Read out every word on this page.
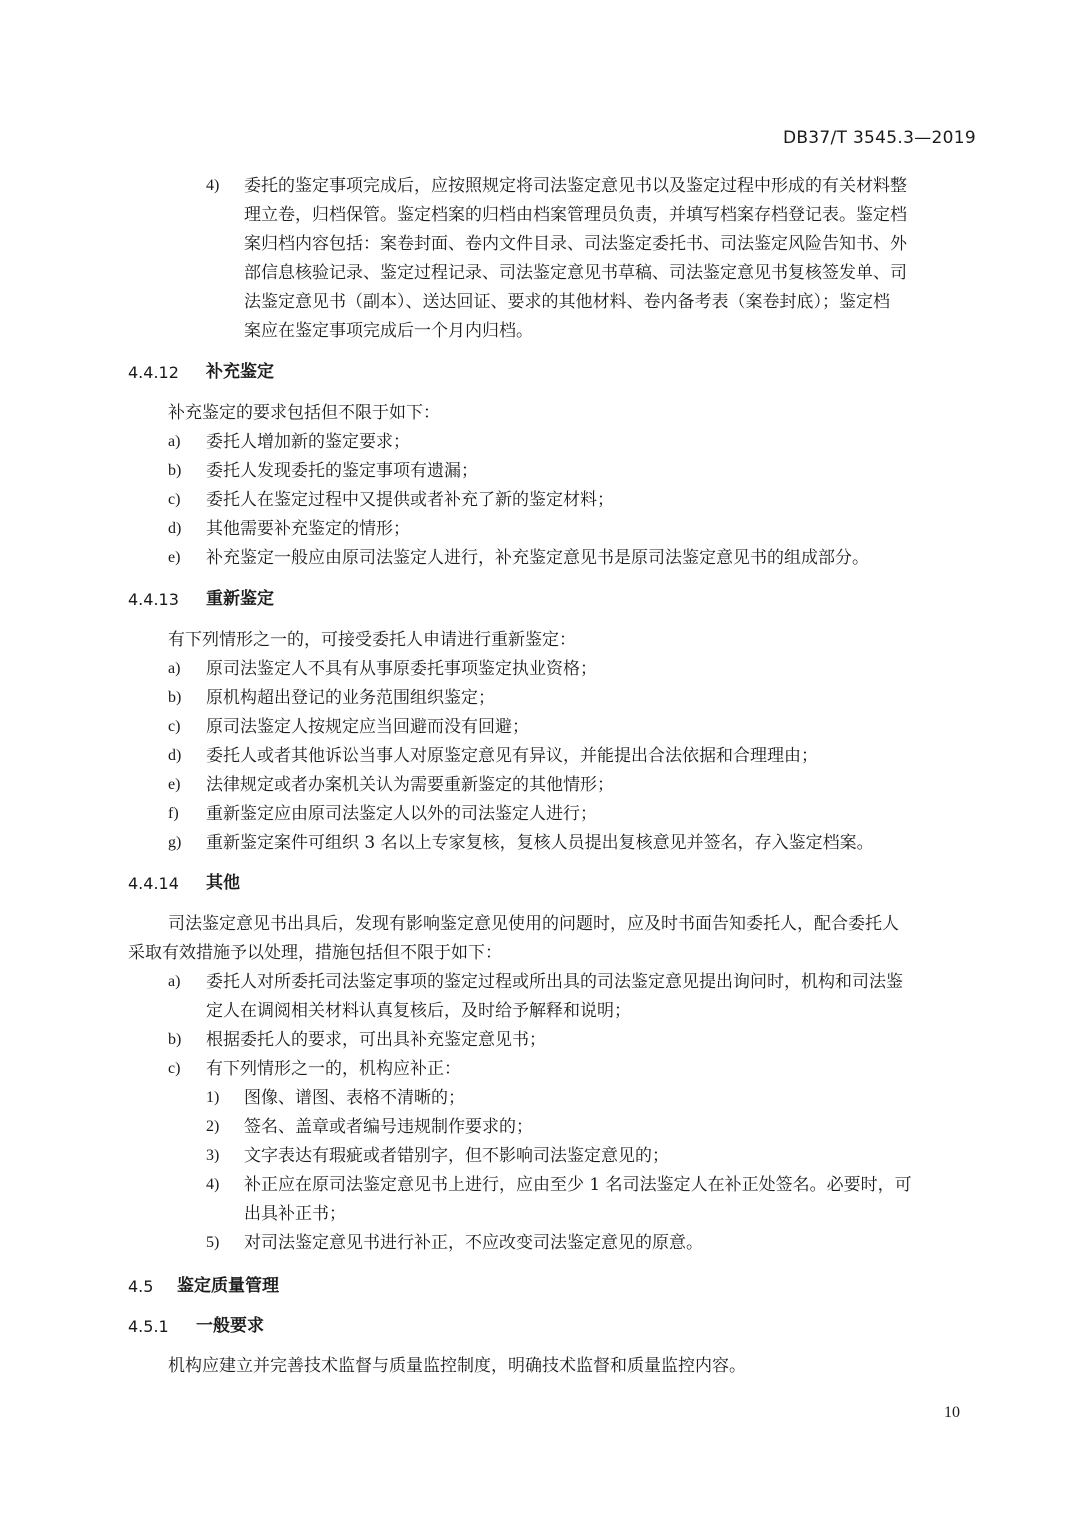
DB37/T 3545.3—2019
4) 委托的鉴定事项完成后，应按照规定将司法鉴定意见书以及鉴定过程中形成的有关材料整
理立卷，归档保管。鉴定档案的归档由档案管理员负责，并填写档案存档登记表。鉴定档
案归档内容包括：案卷封面、卷内文件目录、司法鉴定委托书、司法鉴定风险告知书、外
部信息核验记录、鉴定过程记录、司法鉴定意见书草稿、司法鉴定意见书复核签发单、司
法鉴定意见书（副本）、送达回证、要求的其他材料、卷内备考表（案卷封底）；鉴定档
案应在鉴定事项完成后一个月内归档。
4.4.12 补充鉴定
补充鉴定的要求包括但不限于如下：
a) 委托人增加新的鉴定要求；
b) 委托人发现委托的鉴定事项有遗漏；
c) 委托人在鉴定过程中又提供或者补充了新的鉴定材料；
d) 其他需要补充鉴定的情形；
e) 补充鉴定一般应由原司法鉴定人进行，补充鉴定意见书是原司法鉴定意见书的组成部分。
4.4.13 重新鉴定
有下列情形之一的，可接受委托人申请进行重新鉴定：
a) 原司法鉴定人不具有从事原委托事项鉴定执业资格；
b) 原机构超出登记的业务范围组织鉴定；
c) 原司法鉴定人按规定应当回避而没有回避；
d) 委托人或者其他诉讼当事人对原鉴定意见有异议，并能提出合法依据和合理理由；
e) 法律规定或者办案机关认为需要重新鉴定的其他情形；
f) 重新鉴定应由原司法鉴定人以外的司法鉴定人进行；
g) 重新鉴定案件可组织 3 名以上专家复核，复核人员提出复核意见并签名，存入鉴定档案。
4.4.14 其他
司法鉴定意见书出具后，发现有影响鉴定意见使用的问题时，应及时书面告知委托人，配合委托人
采取有效措施予以处理，措施包括但不限于如下：
a) 委托人对所委托司法鉴定事项的鉴定过程或所出具的司法鉴定意见提出询问时，机构和司法鉴
定人在调阅相关材料认真复核后，及时给予解释和说明；
b) 根据委托人的要求，可出具补充鉴定意见书；
c) 有下列情形之一的，机构应补正：
1) 图像、谱图、表格不清晰的；
2) 签名、盖章或者编号违规制作要求的；
3) 文字表达有瑕疵或者错别字，但不影响司法鉴定意见的；
4) 补正应在原司法鉴定意见书上进行，应由至少 1 名司法鉴定人在补正处签名。必要时，可
出具补正书；
5) 对司法鉴定意见书进行补正，不应改变司法鉴定意见的原意。
4.5 鉴定质量管理
4.5.1 一般要求
机构应建立并完善技术监督与质量监控制度，明确技术监督和质量监控内容。
10
